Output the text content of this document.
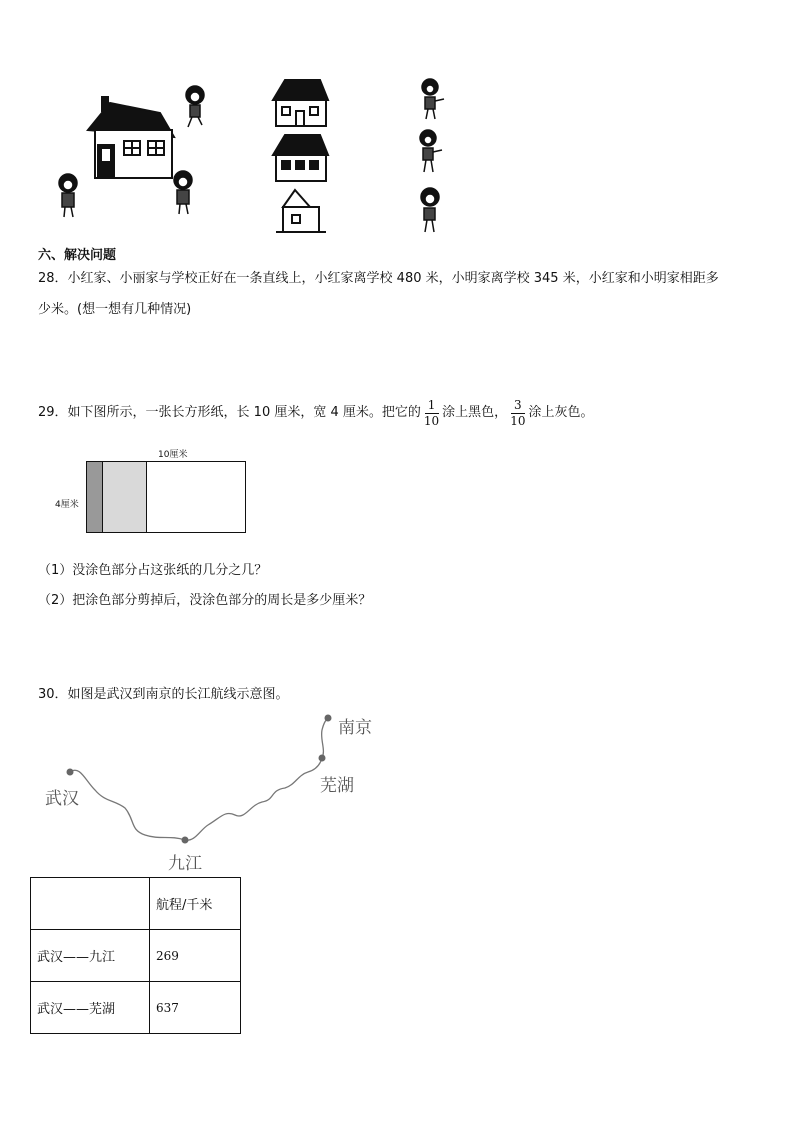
六、解决问题
28．小红家、小丽家与学校正好在一条直线上，小红家离学校 480 米，小明家离学校 345 米，小红家和小明家相距多
少米。(想一想有几种情况)
29．如下图所示，一张长方形纸，长 10 厘米，宽 4 厘米。把它的 $\frac{1}{10}$ 涂上黑色， $\frac{3}{10}$ 涂上灰色。
10厘米
4厘米
（1）没涂色部分占这张纸的几分之几？
（2）把涂色部分剪掉后，没涂色部分的周长是多少厘米？
30．如图是武汉到南京的长江航线示意图。
南京
芜湖
武汉
九江
	航程/千米
武汉——九江	269
武汉——芜湖	637
